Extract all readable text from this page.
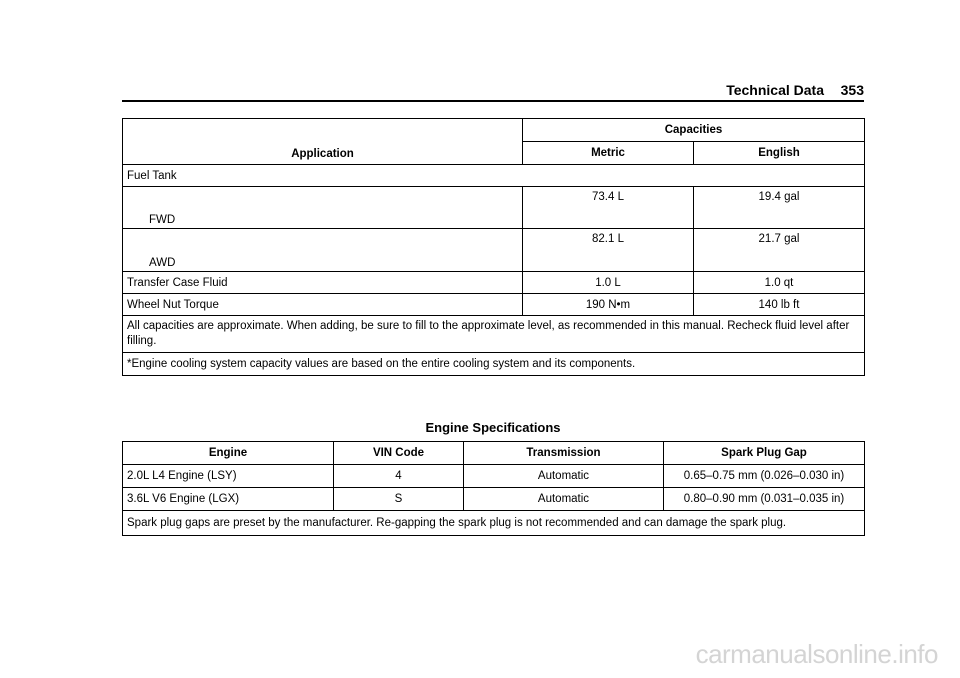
Technical Data 353
Application	Capacities	
	Metric	English
Fuel Tank		
FWD	73.4 L	19.4 gal
AWD	82.1 L	21.7 gal
Transfer Case Fluid	1.0 L	1.0 qt
Wheel Nut Torque	190 N•m	140 lb ft
All capacities are approximate. When adding, be sure to fill to the approximate level, as recommended in this manual. Recheck fluid level after filling.		
*Engine cooling system capacity values are based on the entire cooling system and its components.		
Engine Specifications
Engine	VIN Code	Transmission	Spark Plug Gap
2.0L L4 Engine (LSY)	4	Automatic	0.65–0.75 mm (0.026–0.030 in)
3.6L V6 Engine (LGX)	S	Automatic	0.80–0.90 mm (0.031–0.035 in)
Spark plug gaps are preset by the manufacturer. Re-gapping the spark plug is not recommended and can damage the spark plug.			
carmanualsonline.info
